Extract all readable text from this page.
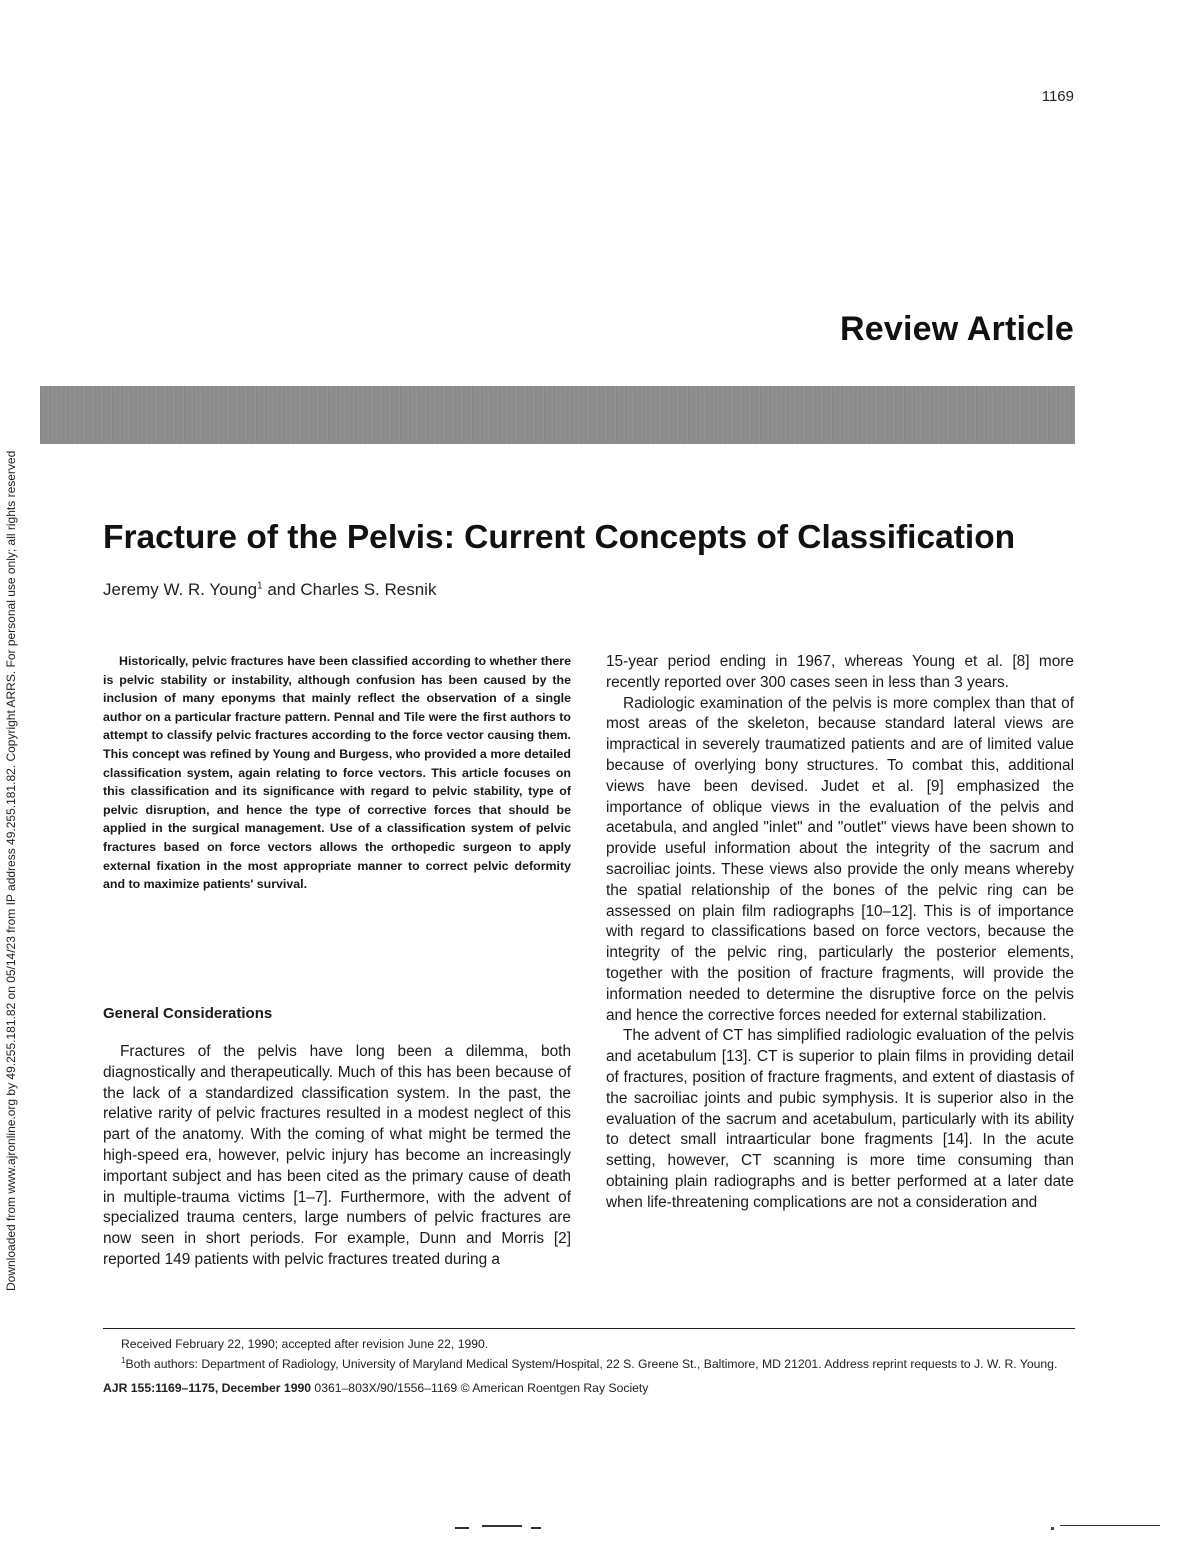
Downloaded from www.ajronline.org by 49.255.181.82 on 05/14/23 from IP address 49.255.181.82. Copyright ARRS. For personal use only; all rights reserved
1169
Review Article
Fracture of the Pelvis: Current Concepts of Classification
Jeremy W. R. Young$^1$ and Charles S. Resnik

Historically, pelvic fractures have been classified according to whether there is pelvic stability or instability, although confusion has been caused by the inclusion of many eponyms that mainly reflect the observation of a single author on a particular fracture pattern. Pennal and Tile were the first authors to attempt to classify pelvic fractures according to the force vector causing them. This concept was refined by Young and Burgess, who provided a more detailed classification system, again relating to force vectors. This article focuses on this classification and its significance with regard to pelvic stability, type of pelvic disruption, and hence the type of corrective forces that should be applied in the surgical management. Use of a classification system of pelvic fractures based on force vectors allows the orthopedic surgeon to apply external fixation in the most appropriate manner to correct pelvic deformity and to maximize patients' survival.

General Considerations

Fractures of the pelvis have long been a dilemma, both diagnostically and therapeutically. Much of this has been because of the lack of a standardized classification system. In the past, the relative rarity of pelvic fractures resulted in a modest neglect of this part of the anatomy. With the coming of what might be termed the high-speed era, however, pelvic injury has become an increasingly important subject and has been cited as the primary cause of death in multiple-trauma victims [1–7]. Furthermore, with the advent of specialized trauma centers, large numbers of pelvic fractures are now seen in short periods. For example, Dunn and Morris [2] reported 149 patients with pelvic fractures treated during a

15-year period ending in 1967, whereas Young et al. [8] more recently reported over 300 cases seen in less than 3 years.

Radiologic examination of the pelvis is more complex than that of most areas of the skeleton, because standard lateral views are impractical in severely traumatized patients and are of limited value because of overlying bony structures. To combat this, additional views have been devised. Judet et al. [9] emphasized the importance of oblique views in the evaluation of the pelvis and acetabula, and angled "inlet" and "outlet" views have been shown to provide useful information about the integrity of the sacrum and sacroiliac joints. These views also provide the only means whereby the spatial relationship of the bones of the pelvic ring can be assessed on plain film radiographs [10–12]. This is of importance with regard to classifications based on force vectors, because the integrity of the pelvic ring, particularly the posterior elements, together with the position of fracture fragments, will provide the information needed to determine the disruptive force on the pelvis and hence the corrective forces needed for external stabilization.

The advent of CT has simplified radiologic evaluation of the pelvis and acetabulum [13]. CT is superior to plain films in providing detail of fractures, position of fracture fragments, and extent of diastasis of the sacroiliac joints and pubic symphysis. It is superior also in the evaluation of the sacrum and acetabulum, particularly with its ability to detect small intraarticular bone fragments [14]. In the acute setting, however, CT scanning is more time consuming than obtaining plain radiographs and is better performed at a later date when life-threatening complications are not a consideration and

Received February 22, 1990; accepted after revision June 22, 1990.

$^1$Both authors: Department of Radiology, University of Maryland Medical System/Hospital, 22 S. Greene St., Baltimore, MD 21201. Address reprint requests to J. W. R. Young.

AJR 155:1169–1175, December 1990 0361–803X/90/1556–1169 © American Roentgen Ray Society
